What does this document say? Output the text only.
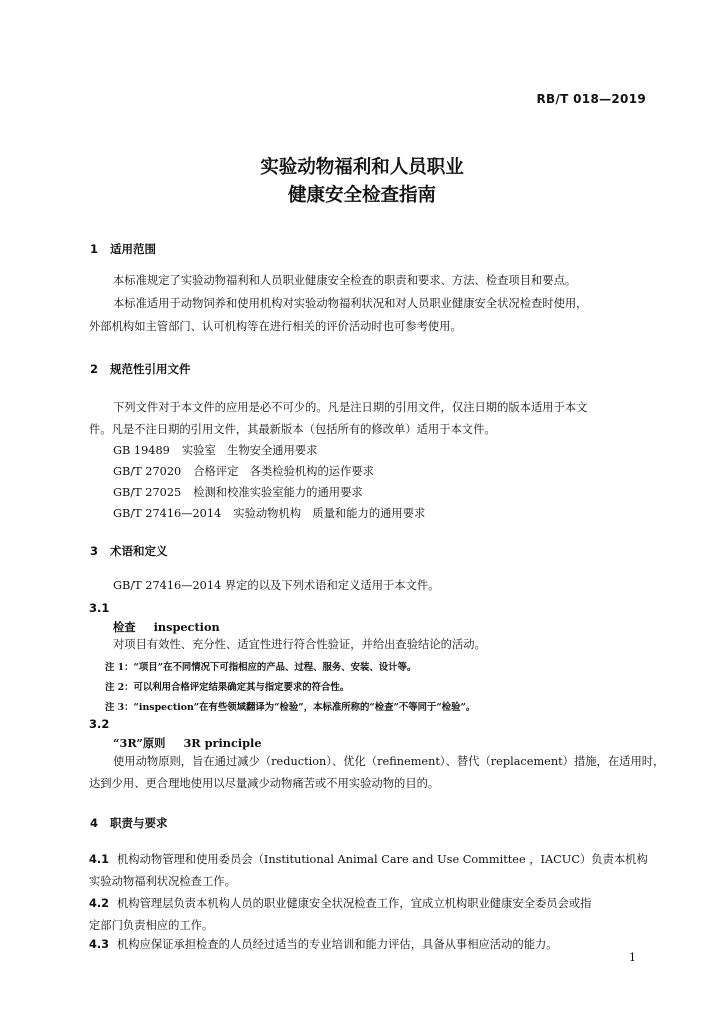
RB/T 018—2019
实验动物福利和人员职业
健康安全检查指南
1 适用范围
本标准规定了实验动物福利和人员职业健康安全检查的职责和要求、方法、检查项目和要点。
本标准适用于动物饲养和使用机构对实验动物福利状况和对人员职业健康安全状况检查时使用，
外部机构如主管部门、认可机构等在进行相关的评价活动时也可参考使用。
2 规范性引用文件
下列文件对于本文件的应用是必不可少的。凡是注日期的引用文件，仅注日期的版本适用于本文
件。凡是不注日期的引用文件，其最新版本（包括所有的修改单）适用于本文件。
GB 19489 实验室　生物安全通用要求
GB/T 27020 合格评定　各类检验机构的运作要求
GB/T 27025 检测和校准实验室能力的通用要求
GB/T 27416—2014 实验动物机构　质量和能力的通用要求
3 术语和定义
GB/T 27416—2014 界定的以及下列术语和定义适用于本文件。
3.1
检查 inspection
对项目有效性、充分性、适宜性进行符合性验证，并给出查验结论的活动。
注 1：“项目”在不同情况下可指相应的产品、过程、服务、安装、设计等。
注 2：可以利用合格评定结果确定其与指定要求的符合性。
注 3：“inspection”在有些领域翻译为“检验”，本标准所称的“检查”不等同于“检验”。
3.2
“3R”原则 3R principle
使用动物原则，旨在通过减少（reduction）、优化（refinement）、替代（replacement）措施，在适用时，
达到少用、更合理地使用以尽量减少动物痛苦或不用实验动物的目的。
4 职责与要求
4.1 机构动物管理和使用委员会（Institutional Animal Care and Use Committee ，IACUC）负责本机构
实验动物福利状况检查工作。
4.2 机构管理层负责本机构人员的职业健康安全状况检查工作，宜成立机构职业健康安全委员会或指
定部门负责相应的工作。
4.3 机构应保证承担检查的人员经过适当的专业培训和能力评估，具备从事相应活动的能力。
1
